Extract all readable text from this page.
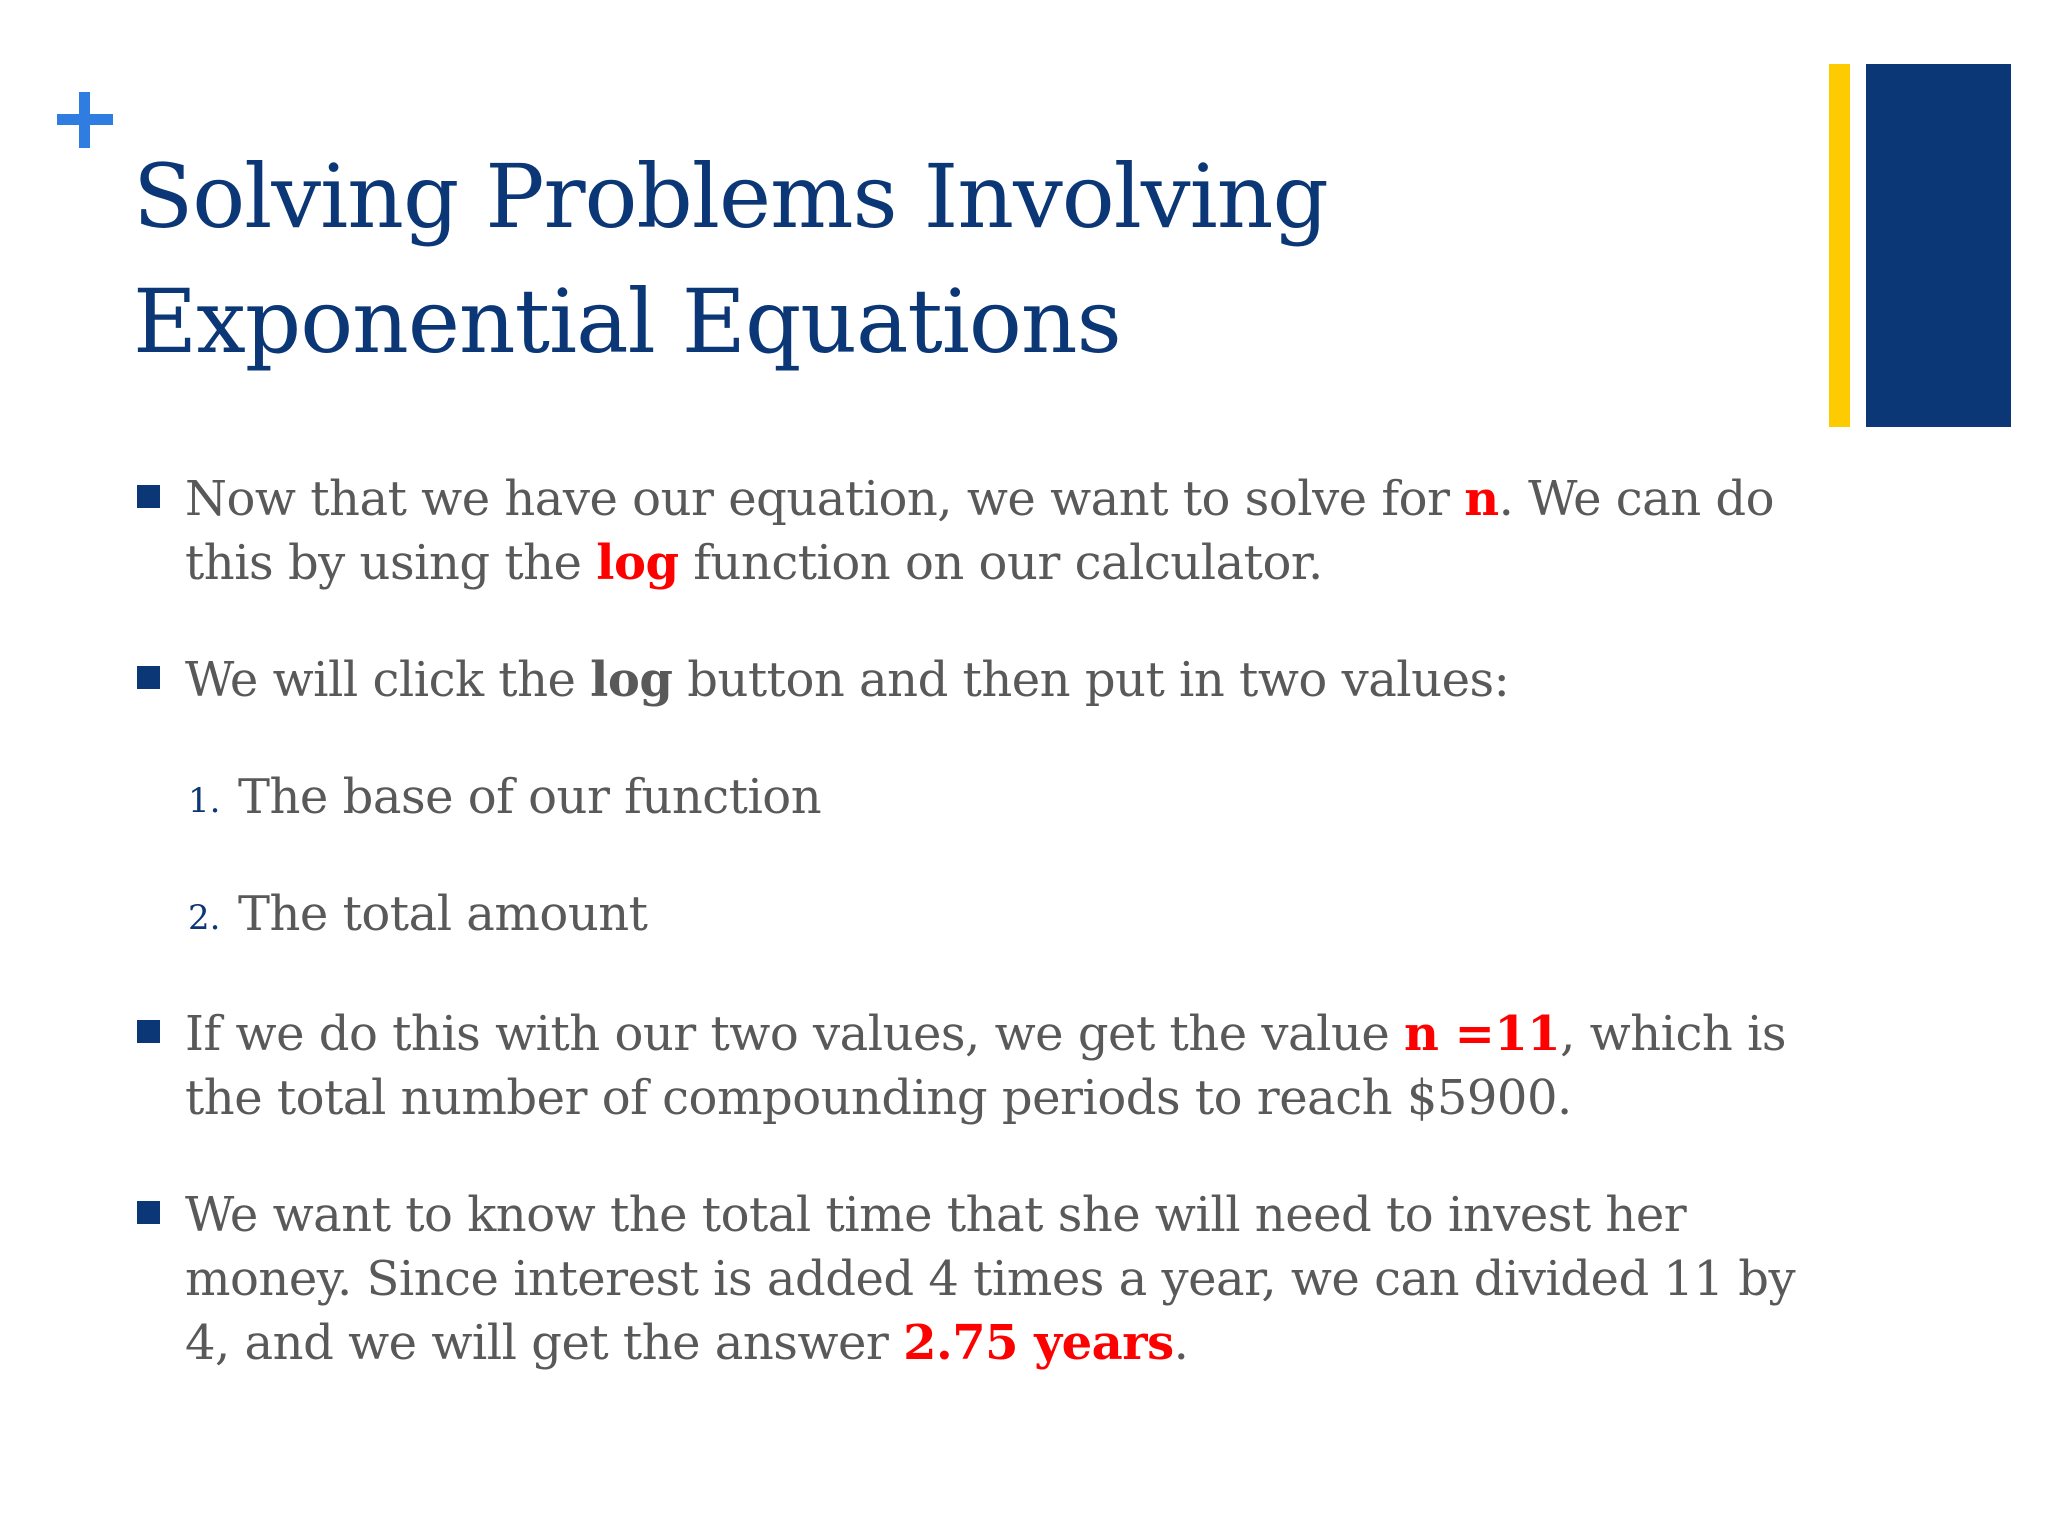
Solving Problems Involving Exponential Equations

Now that we have our equation, we want to solve for n. We can do this by using the log function on our calculator.

We will click the log button and then put in two values:

1. The base of our function

2. The total amount

If we do this with our two values, we get the value n =11, which is the total number of compounding periods to reach $5900.

We want to know the total time that she will need to invest her money. Since interest is added 4 times a year, we can divided 11 by 4, and we will get the answer 2.75 years.
